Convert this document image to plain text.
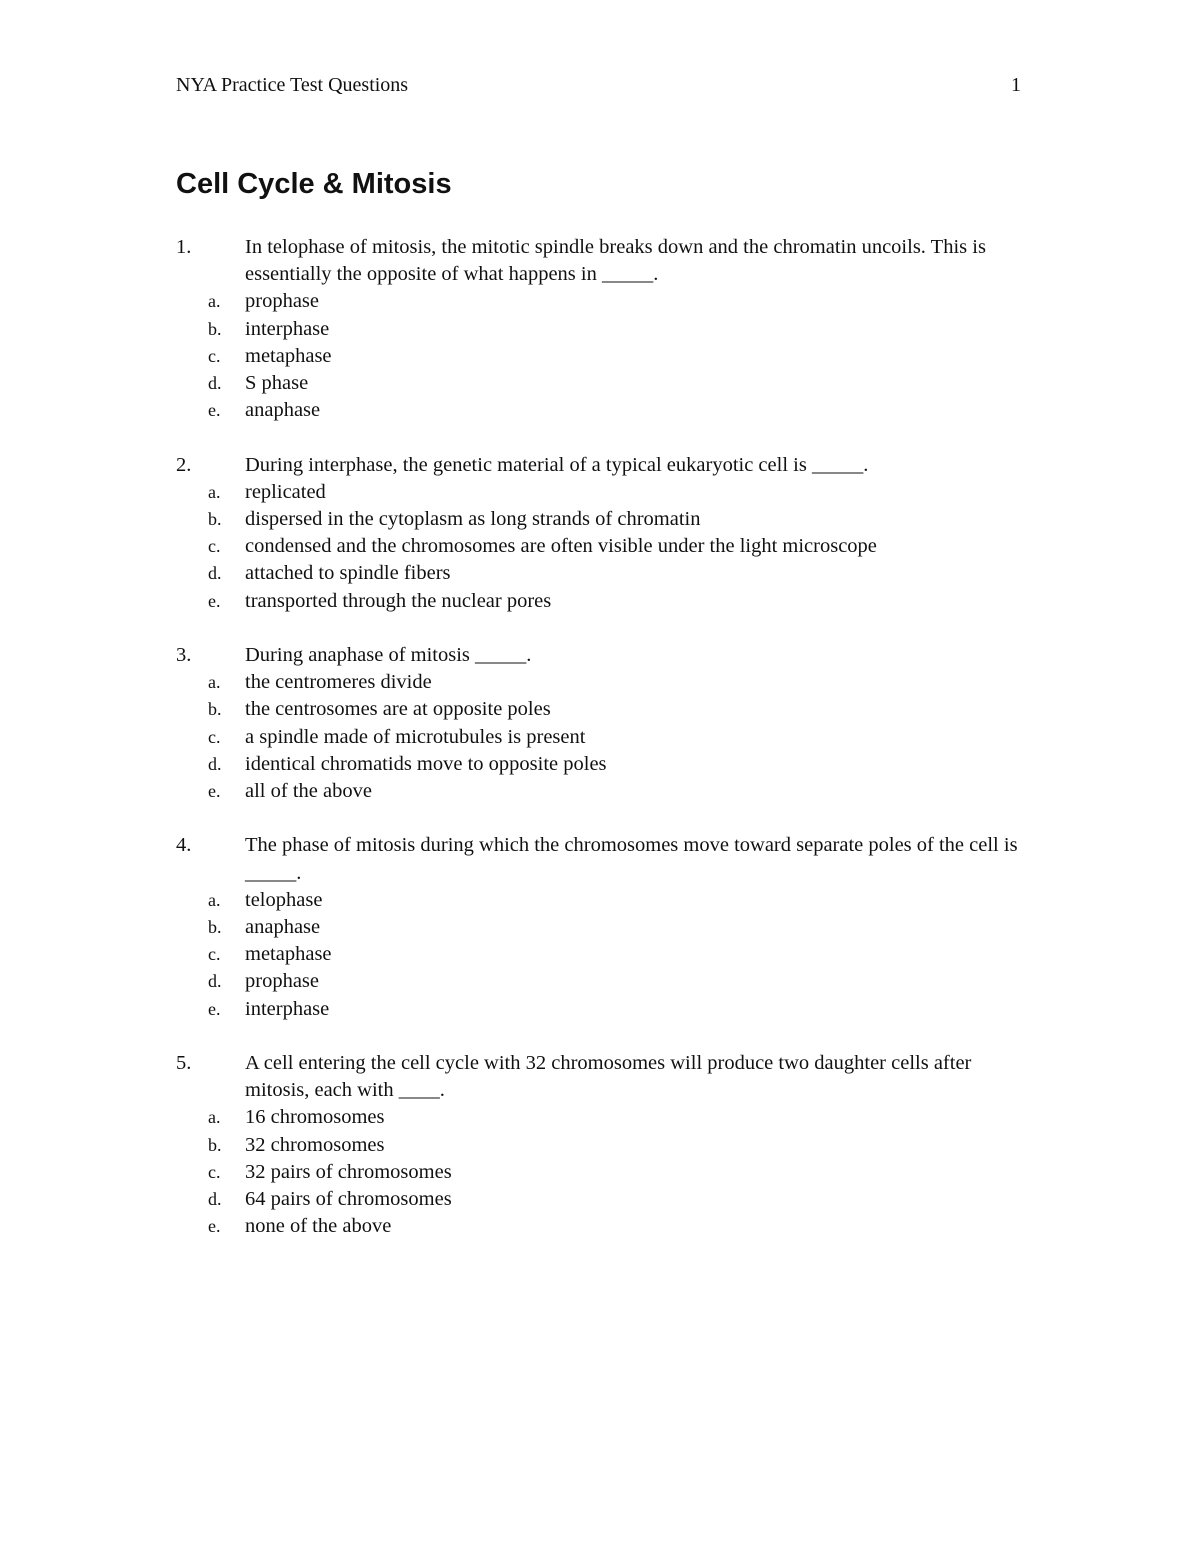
NYA Practice Test Questions	1
Cell Cycle & Mitosis
1.	In telophase of mitosis, the mitotic spindle breaks down and the chromatin uncoils. This is essentially the opposite of what happens in _____.
a.	prophase
b.	interphase
c.	metaphase
d.	S phase
e.	anaphase
2.	During interphase, the genetic material of a typical eukaryotic cell is _____.
a.	replicated
b.	dispersed in the cytoplasm as long strands of chromatin
c.	condensed and the chromosomes are often visible under the light microscope
d.	attached to spindle fibers
e.	transported through the nuclear pores
3.	During anaphase of mitosis _____.
a.	the centromeres divide
b.	the centrosomes are at opposite poles
c.	a spindle made of microtubules is present
d.	identical chromatids move to opposite poles
e.	all of the above
4.	The phase of mitosis during which the chromosomes move toward separate poles of the cell is _____.
a.	telophase
b.	anaphase
c.	metaphase
d.	prophase
e.	interphase
5.	A cell entering the cell cycle with 32 chromosomes will produce two daughter cells after mitosis, each with ____.
a.	16 chromosomes
b.	32 chromosomes
c.	32 pairs of chromosomes
d.	64 pairs of chromosomes
e.	none of the above
